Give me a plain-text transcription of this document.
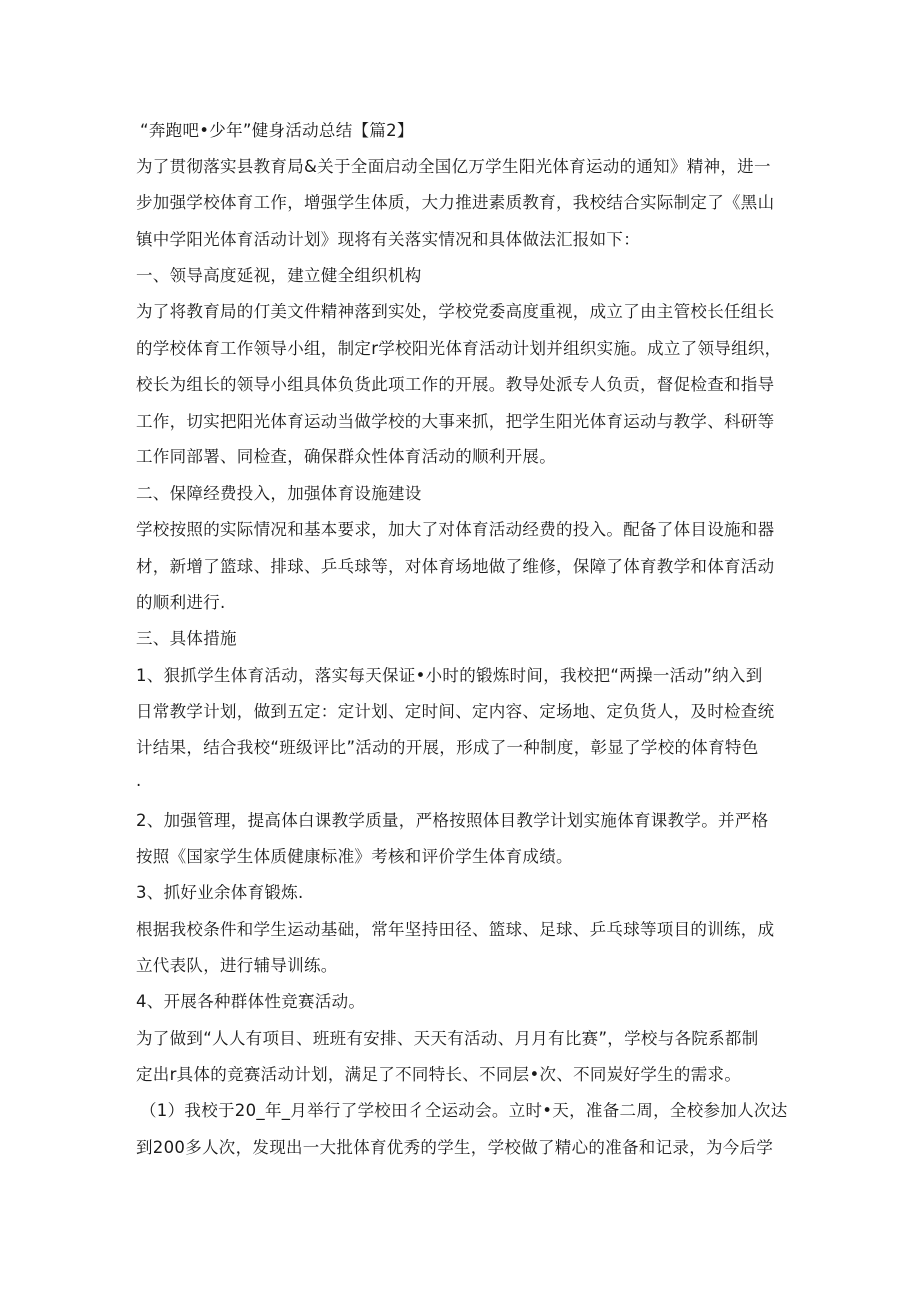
“奔跑吧•少年”健身活动总结【篇2】
为了贯彻落实县教育局&关于全面启动全国亿万学生阳光体育运动的通知》精神，进一
步加强学校体育工作，增强学生体质，大力推进素质教育，我校结合实际制定了《黑山
镇中学阳光体育活动计划》现将有关落实情况和具体做法汇报如下：
一、领导高度延视，建立健全组织机构
为了将教育局的仃美文件精神落到实处，学校党委高度重视，成立了由主管校长任组长
的学校体育工作领导小组，制定r学校阳光体育活动计划并组织实施。成立了领导组织，
校长为组长的领导小组具体负货此项工作的开展。教导处派专人负贡，督促检查和指导
工作，切实把阳光体育运动当做学校的大事来抓，把学生阳光体育运动与教学、科研等
工作同部署、同检查，确保群众性体育活动的顺利开展。
二、保障经费投入，加强体育设施建设
学校按照的实际情况和基本要求，加大了对体育活动经费的投入。配备了体目设施和器
材，新增了篮球、排球、乒乓球等，对体育场地做了维修，保障了体育教学和体育活动
的顺利进行.
三、具体措施
1、狠抓学生体育活动，落实每天保证•小时的锻炼时间，我校把“两操一活动”纳入到
日常教学计划，做到五定：定计划、定时间、定内容、定场地、定负货人，及时检查统
计结果，结合我校“班级评比”活动的开展，形成了一种制度，彰显了学校的体育特色
.
2、加强管理，提高体白课教学质量，严格按照体目教学计划实施体育课教学。并严格
按照《国家学生体质健康标准》考核和评价学生体育成绩。
3、抓好业余体育锻炼.
根据我校条件和学生运动基础，常年坚持田径、篮球、足球、乒乓球等项目的训练，成
立代表队，进行辅导训练。
4、开展各种群体性竞赛活动。
为了做到“人人有项目、班班有安排、天天有活动、月月有比赛”，学校与各院系都制
定出r具体的竞赛活动计划，满足了不同特长、不同层•次、不同炭好学生的需求。
（1）我校于20_年_月举行了学校田彳仝运动会。立时•天，准备二周，全校参加人次达
到200多人次，发现出一大批体育优秀的学生，学校做了精心的准备和记录，为今后学
